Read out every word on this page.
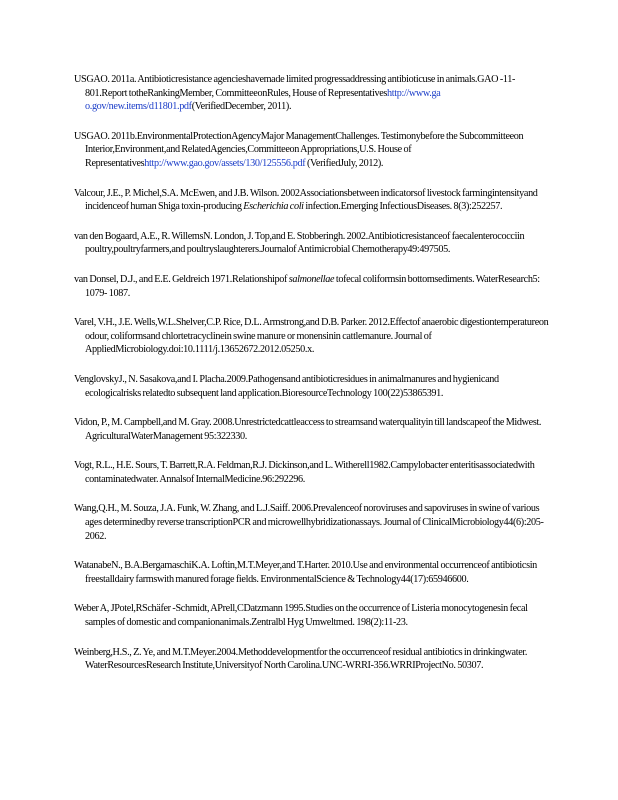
USGAO. 2011a. Antibioticresistance agencieshavemade limited progressaddressing antibioticuse in animals.GAO -11-801.Report totheRankingMember, CommitteeonRules, House of Representativeshttp://www.ga o.gov/new.items/d11801.pdf(VerifiedDecember, 2011).

USGAO. 2011b.EnvironmentalProtectionAgencyMajor ManagementChallenges. Testimonybefore the Subcommitteeon Interior,Environment,and RelatedAgencies,Committeeon Appropriations,U.S. House of Representativeshttp://www.gao.gov/assets/130/125556.pdf (VerifiedJuly, 2012).

Valcour, J.E., P. Michel,S.A. McEwen, and J.B. Wilson. 2002Associationsbetween indicatorsof livestock farmingintensityand incidenceof human Shiga toxin-producing Escherichia coli infection.Emerging InfectiousDiseases. 8(3):252257.

van den Bogaard, A.E., R. WillemsN. London, J. Top,and E. Stobberingh. 2002.Antibioticresistanceof faecalenterococciin poultry,poultryfarmers,and poultryslaughterers.Journalof Antimicrobial Chemotherapy49:497505.

van Donsel, D.J., and E.E. Geldreich 1971.Relationshipof salmonellae tofecal coliformsin bottomsediments. WaterResearch5: 1079- 1087.

Varel, V.H., J.E. Wells,W.L.Shelver,C.P. Rice, D.L. Armstrong,and D.B. Parker. 2012.Effectof anaerobic digestiontemperatureon odour, coliformsand chlortetracyclinein swine manure or monensinin cattlemanure. Journal of AppliedMicrobiology.doi:10.1111/j.13652672.2012.05250.x.

VenglovskyJ., N. Sasakova,and I. Placha.2009.Pathogensand antibioticresidues in animalmanures and hygienicand ecologicalrisks relatedto subsequent land application.BioresourceTechnology 100(22)53865391.

Vidon, P., M. Campbell,and M. Gray. 2008.Unrestrictedcattleaccess to streamsand waterqualityin till landscapeof the Midwest. AgriculturalWaterManagement 95:322330.

Vogt, R.L., H.E. Sours, T. Barrett,R.A. Feldman,R.J. Dickinson,and L. Witherell1982.Campylobacter enteritisassociatedwith contaminatedwater. Annalsof InternalMedicine.96:292296.

Wang,Q.H., M. Souza, J.A. Funk, W. Zhang, and L.J.Saiff. 2006.Prevalenceof noroviruses and sapoviruses in swine of various ages determinedby reverse transcriptionPCR and microwellhybridizationassays. Journal of ClinicalMicrobiology44(6):205-2062.

WatanabeN., B.A.BergamaschiK.A. Loftin,M.T.Meyer,and T.Harter. 2010.Use and environmental occurrenceof antibioticsin freestalldairy farmswith manured forage fields. EnvironmentalScience & Technology44(17):65946600.

Weber A, JPotel,RSchäfer -Schmidt, APrell,CDatzmann 1995.Studies on the occurrence of Listeria monocytogenesin fecal samples of domestic and companionanimals.Zentralbl Hyg Umweltmed. 198(2):11-23.

Weinberg,H.S., Z. Ye, and M.T.Meyer.2004.Methoddevelopmentfor the occurrenceof residual antibiotics in drinkingwater. WaterResourcesResearch Institute,Universityof North Carolina.UNC-WRRI-356.WRRIProjectNo. 50307.
